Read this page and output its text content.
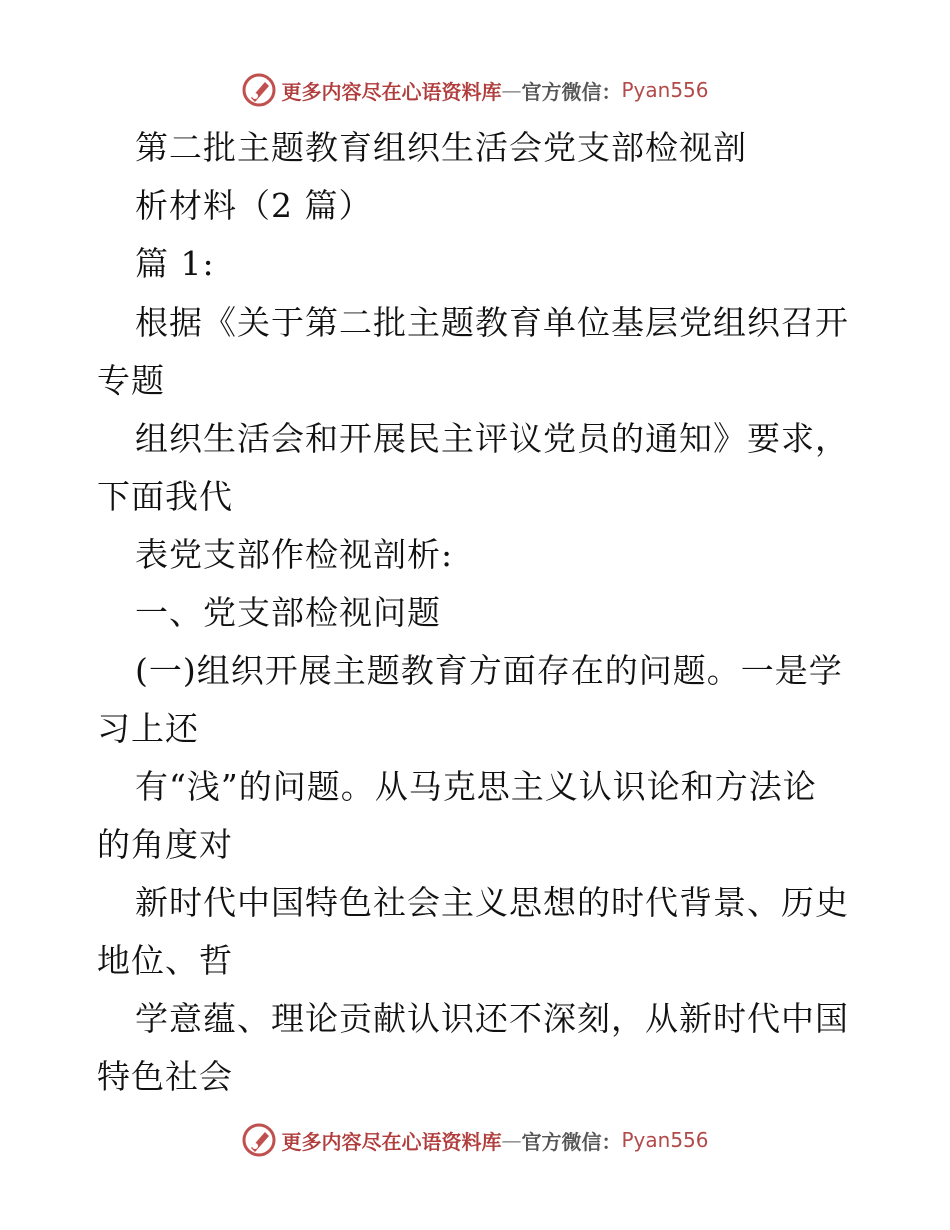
更多内容尽在心语资料库 — 官方微信： Pyan556
第二批主题教育组织生活会党支部检视剖
析材料（2 篇）
篇 1:
根据《关于第二批主题教育单位基层党组织召开
专题
组织生活会和开展民主评议党员的通知》要求，
下面我代
表党支部作检视剖析:
一、党支部检视问题
(一)组织开展主题教育方面存在的问题。一是学
习上还
有“浅”的问题。从马克思主义认识论和方法论
的角度对
新时代中国特色社会主义思想的时代背景、历史
地位、哲
学意蕴、理论贡献认识还不深刻，从新时代中国
特色社会
更多内容尽在心语资料库 — 官方微信： Pyan556
